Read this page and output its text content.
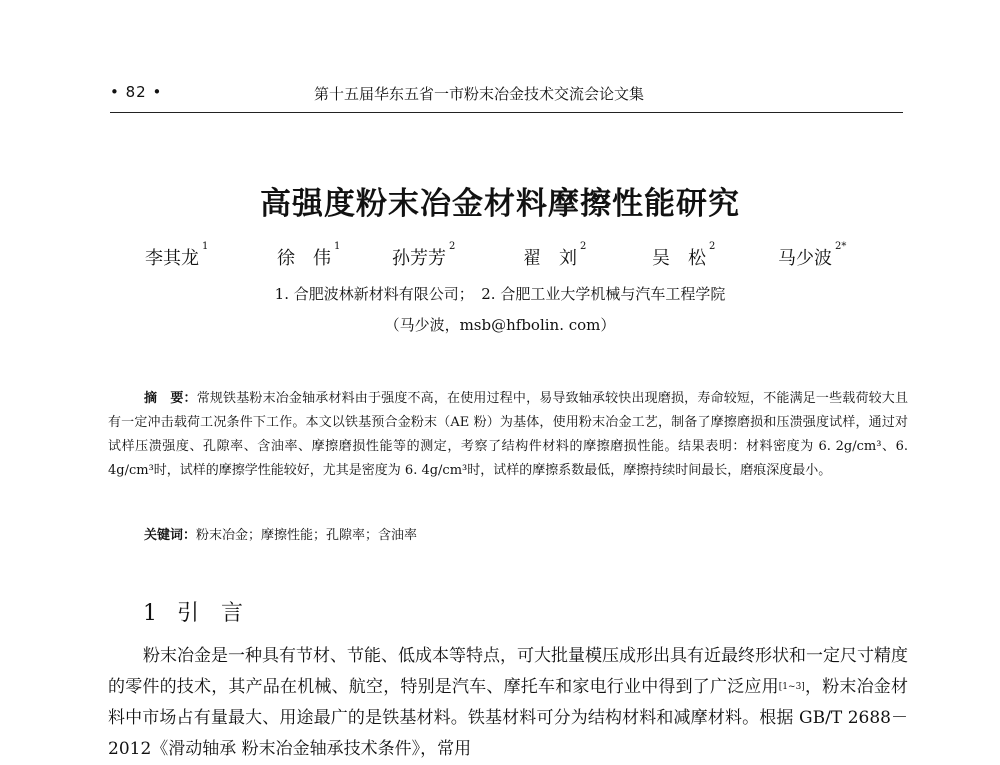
• 82 •	第十五届华东五省一市粉末冶金技术交流会论文集
高强度粉末冶金材料摩擦性能研究
李其龙$^1$
徐　伟$^1$
孙芳芳$^2$
翟　刘$^2$
吴　松$^2$
马少波$^{2*}$
1. 合肥波林新材料有限公司；　2. 合肥工业大学机械与汽车工程学院
（马少波，msb@hfbolin. com）
摘　要：常规铁基粉末冶金轴承材料由于强度不高，在使用过程中，易导致轴承较快出现磨损，寿命较短，不能满足一些载荷较大且有一定冲击载荷工况条件下工作。本文以铁基预合金粉末（AE 粉）为基体，使用粉末冶金工艺，制备了摩擦磨损和压溃强度试样，通过对试样压溃强度、孔隙率、含油率、摩擦磨损性能等的测定，考察了结构件材料的摩擦磨损性能。结果表明：材料密度为 6. 2g/cm³、6. 4g/cm³时，试样的摩擦学性能较好，尤其是密度为 6. 4g/cm³时，试样的摩擦系数最低，摩擦持续时间最长，磨痕深度最小。
关键词：粉末冶金；摩擦性能；孔隙率；含油率
1 引　言
粉末冶金是一种具有节材、节能、低成本等特点，可大批量模压成形出具有近最终形状和一定尺寸精度的零件的技术，其产品在机械、航空，特别是汽车、摩托车和家电行业中得到了广泛应用[1~3]，粉末冶金材料中市场占有量最大、用途最广的是铁基材料。铁基材料可分为结构材料和减摩材料。根据 GB/T 2688－2012《滑动轴承 粉末冶金轴承技术条件》，常用
